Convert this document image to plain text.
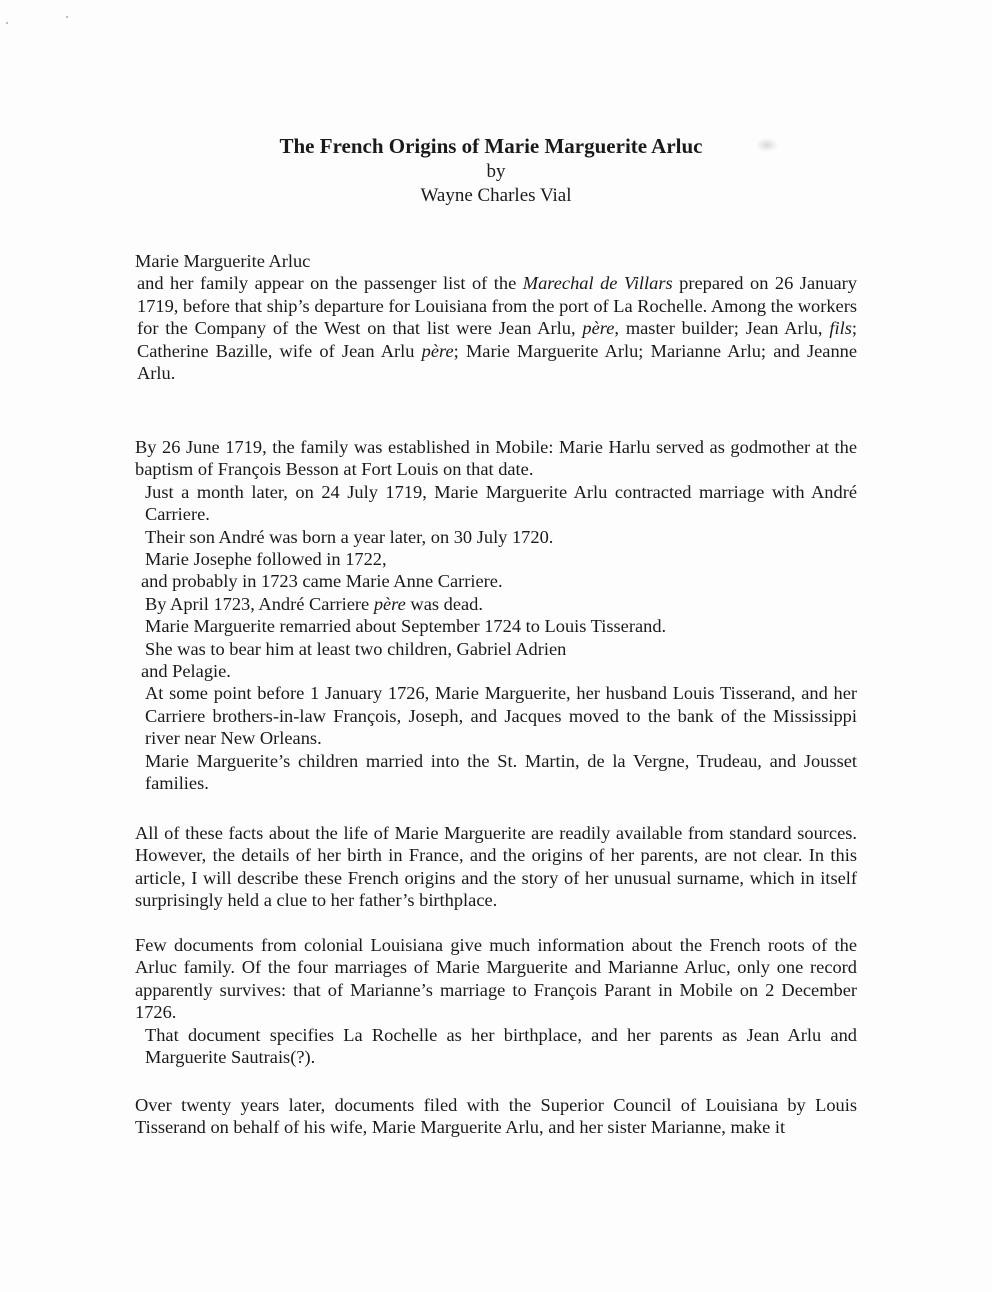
The French Origins of Marie Marguerite Arluc
by
Wayne Charles Vial

Marie Marguerite Arluc

and her family appear on the passenger list of the Marechal de Villars prepared on 26 January 1719, before that ship’s departure for Louisiana from the port of La Rochelle. Among the workers for the Company of the West on that list were Jean Arlu, père, master builder; Jean Arlu, fils; Catherine Bazille, wife of Jean Arlu père; Marie Marguerite Arlu; Marianne Arlu; and Jeanne Arlu.

By 26 June 1719, the family was established in Mobile: Marie Harlu served as godmother at the baptism of François Besson at Fort Louis on that date.

Just a month later, on 24 July 1719, Marie Marguerite Arlu contracted marriage with André Carriere.

Their son André was born a year later, on 30 July 1720.

Marie Josephe followed in 1722,

and probably in 1723 came Marie Anne Carriere.

By April 1723, André Carriere père was dead.

Marie Marguerite remarried about September 1724 to Louis Tisserand.

She was to bear him at least two children, Gabriel Adrien

and Pelagie.

At some point before 1 January 1726, Marie Marguerite, her husband Louis Tisserand, and her Carriere brothers-in-law François, Joseph, and Jacques moved to the bank of the Mississippi river near New Orleans.

Marie Marguerite’s children married into the St. Martin, de la Vergne, Trudeau, and Jousset families.

All of these facts about the life of Marie Marguerite are readily available from standard sources. However, the details of her birth in France, and the origins of her parents, are not clear. In this article, I will describe these French origins and the story of her unusual surname, which in itself surprisingly held a clue to her father’s birthplace.

Few documents from colonial Louisiana give much information about the French roots of the Arluc family. Of the four marriages of Marie Marguerite and Marianne Arluc, only one record apparently survives: that of Marianne’s marriage to François Parant in Mobile on 2 December 1726.

That document specifies La Rochelle as her birthplace, and her parents as Jean Arlu and Marguerite Sautrais(?).

Over twenty years later, documents filed with the Superior Council of Louisiana by Louis Tisserand on behalf of his wife, Marie Marguerite Arlu, and her sister Marianne, make it
